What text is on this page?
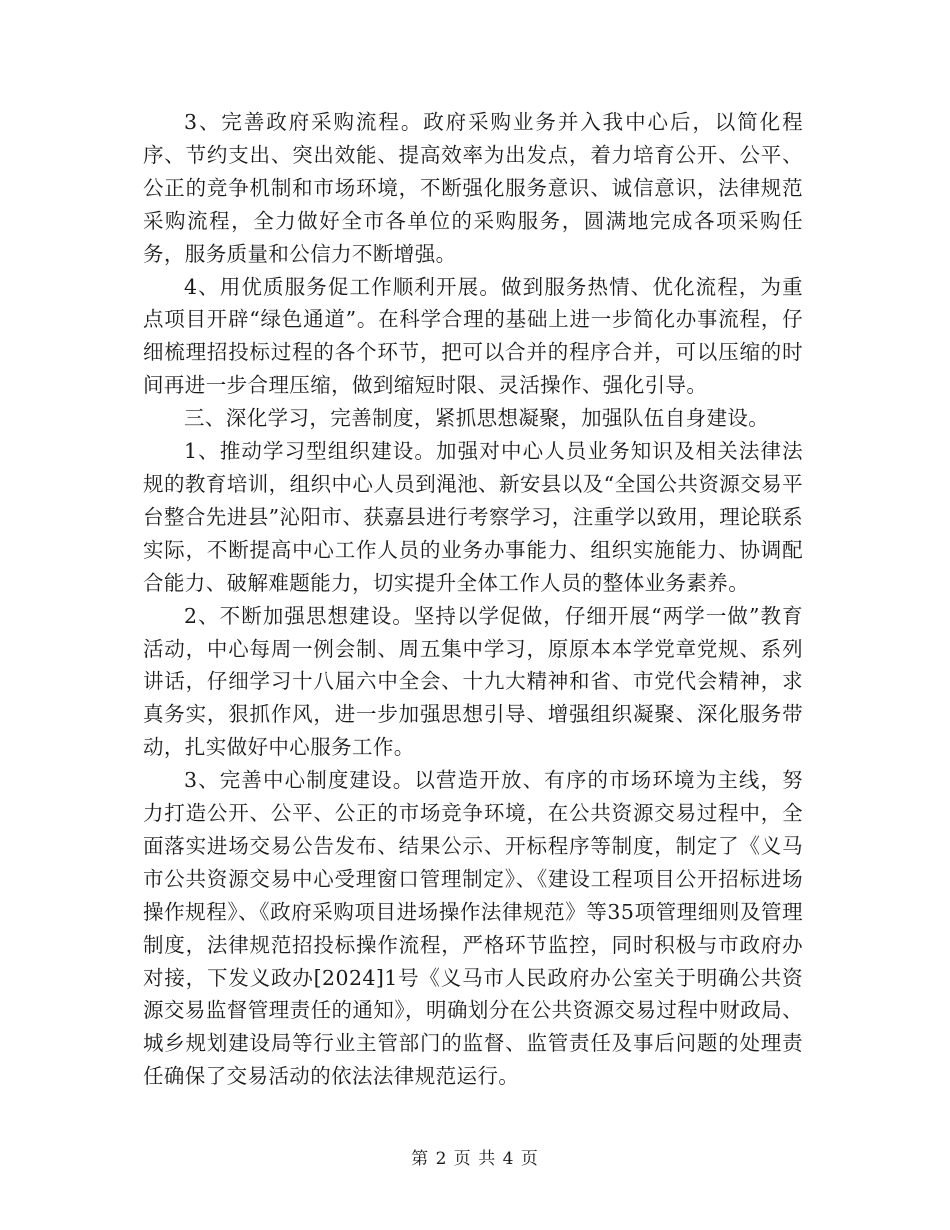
3、完善政府采购流程。政府采购业务并入我中心后，以简化程序、节约支出、突出效能、提高效率为出发点，着力培育公开、公平、公正的竞争机制和市场环境，不断强化服务意识、诚信意识，法律规范采购流程，全力做好全市各单位的采购服务，圆满地完成各项采购任务，服务质量和公信力不断增强。

4、用优质服务促工作顺利开展。做到服务热情、优化流程，为重点项目开辟“绿色通道”。在科学合理的基础上进一步简化办事流程，仔细梳理招投标过程的各个环节，把可以合并的程序合并，可以压缩的时间再进一步合理压缩，做到缩短时限、灵活操作、强化引导。

三、深化学习，完善制度，紧抓思想凝聚，加强队伍自身建设。

1、推动学习型组织建设。加强对中心人员业务知识及相关法律法规的教育培训，组织中心人员到渑池、新安县以及“全国公共资源交易平台整合先进县”沁阳市、获嘉县进行考察学习，注重学以致用，理论联系实际，不断提高中心工作人员的业务办事能力、组织实施能力、协调配合能力、破解难题能力，切实提升全体工作人员的整体业务素养。

2、不断加强思想建设。坚持以学促做，仔细开展“两学一做”教育活动，中心每周一例会制、周五集中学习，原原本本学党章党规、系列讲话，仔细学习十八届六中全会、十九大精神和省、市党代会精神，求真务实，狠抓作风，进一步加强思想引导、增强组织凝聚、深化服务带动，扎实做好中心服务工作。

3、完善中心制度建设。以营造开放、有序的市场环境为主线，努力打造公开、公平、公正的市场竞争环境，在公共资源交易过程中，全面落实进场交易公告发布、结果公示、开标程序等制度，制定了《义马市公共资源交易中心受理窗口管理制定》、《建设工程项目公开招标进场操作规程》、《政府采购项目进场操作法律规范》等35项管理细则及管理制度，法律规范招投标操作流程，严格环节监控，同时积极与市政府办对接，下发义政办[2024]1号《义马市人民政府办公室关于明确公共资源交易监督管理责任的通知》，明确划分在公共资源交易过程中财政局、城乡规划建设局等行业主管部门的监督、监管责任及事后问题的处理责任确保了交易活动的依法法律规范运行。

第 2 页 共 4 页
